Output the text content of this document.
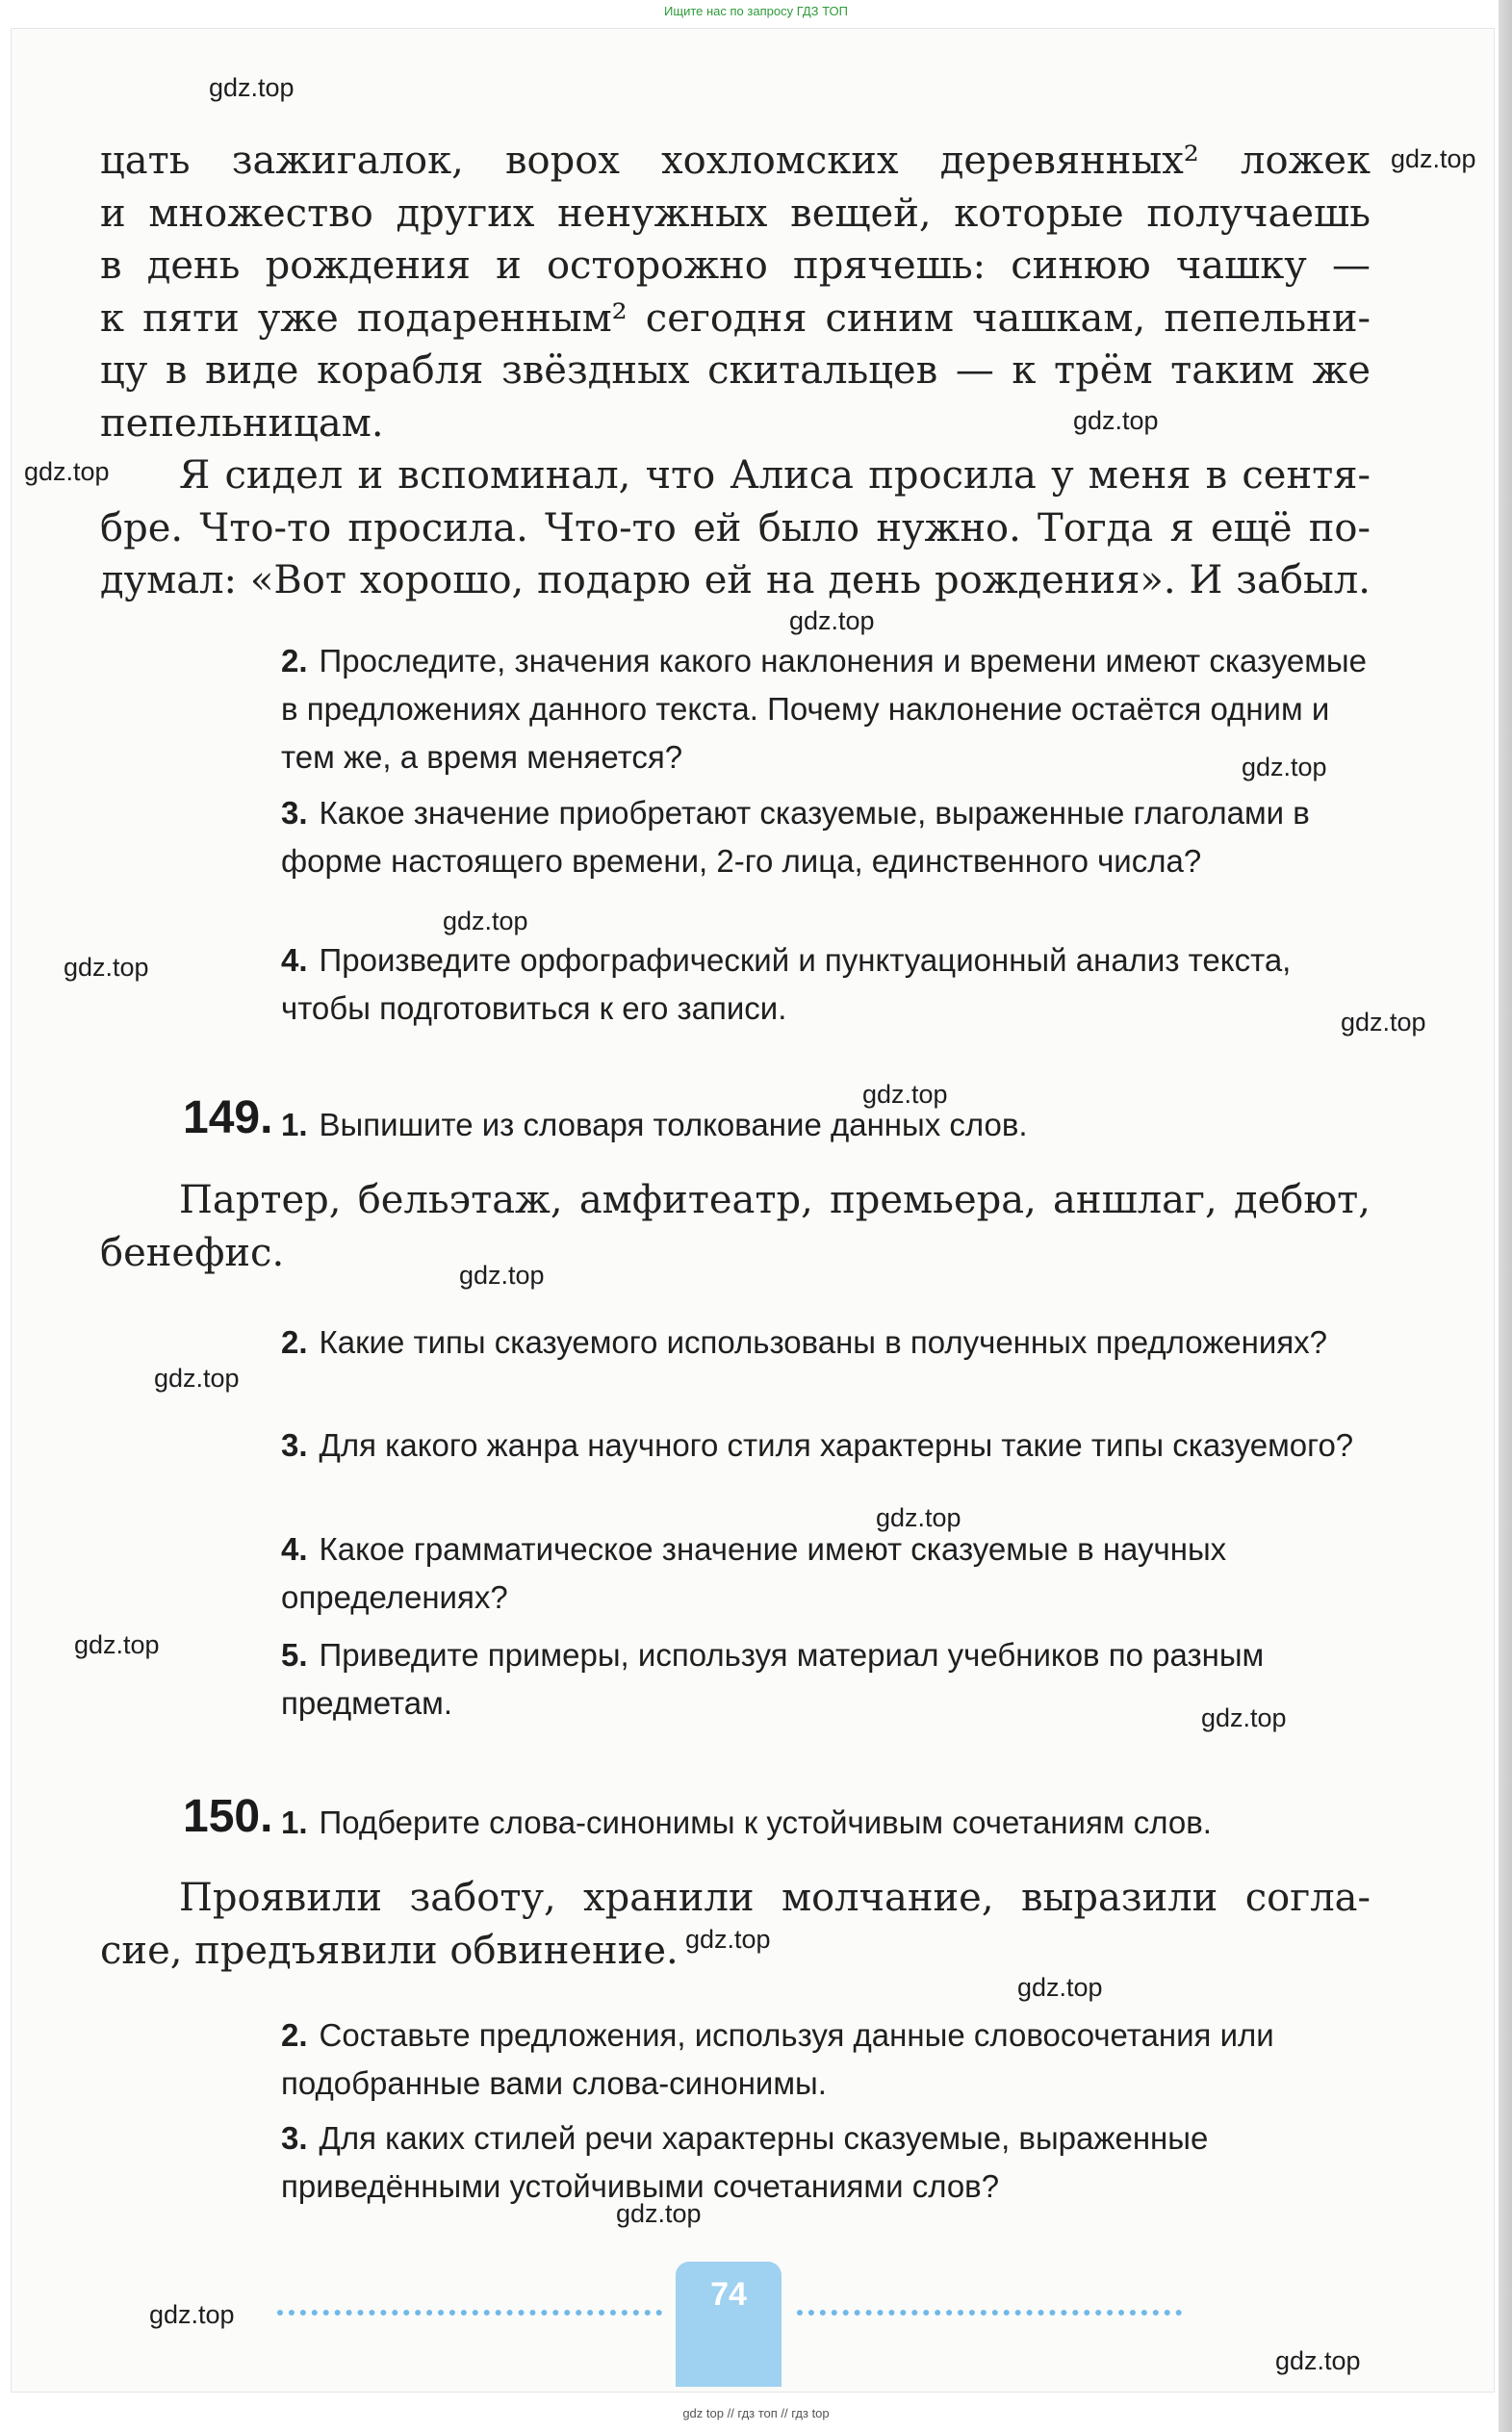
Ищите нас по запросу ГДЗ ТОП

цать зажигалок, ворох хохломских деревянных² ложек
и множество других ненужных вещей, которые получаешь
в день рождения и осторожно прячешь: синюю чашку —
к пяти уже подаренным² сегодня синим чашкам, пепельни-
цу в виде корабля звёздных скитальцев — к трём таким же
пепельницам.

Я сидел и вспоминал, что Алиса просила у меня в сентя-
бре. Что-то просила. Что-то ей было нужно. Тогда я ещё по-
думал: «Вот хорошо, подарю ей на день рождения». И забыл.

2. Проследите, значения какого наклонения и времени имеют сказуемые в предложениях данного текста. Почему наклонение остаётся одним и тем же, а время меняется?

3. Какое значение приобретают сказуемые, выраженные глаголами в форме настоящего времени, 2-го лица, единственного числа?

4. Произведите орфографический и пунктуационный анализ текста, чтобы подготовиться к его записи.

149. 1. Выпишите из словаря толкование данных слов.

Партер, бельэтаж, амфитеатр, премьера, аншлаг, дебют,
бенефис.

2. Какие типы сказуемого использованы в полученных предложениях?

3. Для какого жанра научного стиля характерны такие типы сказуемого?

4. Какое грамматическое значение имеют сказуемые в научных определениях?

5. Приведите примеры, используя материал учебников по разным предметам.

150. 1. Подберите слова-синонимы к устойчивым сочетаниям слов.

Проявили заботу, хранили молчание, выразили согла-
сие, предъявили обвинение.

2. Составьте предложения, используя данные словосочетания или подобранные вами слова-синонимы.

3. Для каких стилей речи характерны сказуемые, выраженные приведёнными устойчивыми сочетаниями слов?

74
gdz.top
gdz.top
gdz.top
gdz.top
gdz.top
gdz.top
gdz.top
gdz.top
gdz.top
gdz.top
gdz.top
gdz.top
gdz.top
gdz.top
gdz.top
gdz.top
gdz.top
gdz.top
gdz.top
gdz.top
gdz top // гдз топ // гдз top
